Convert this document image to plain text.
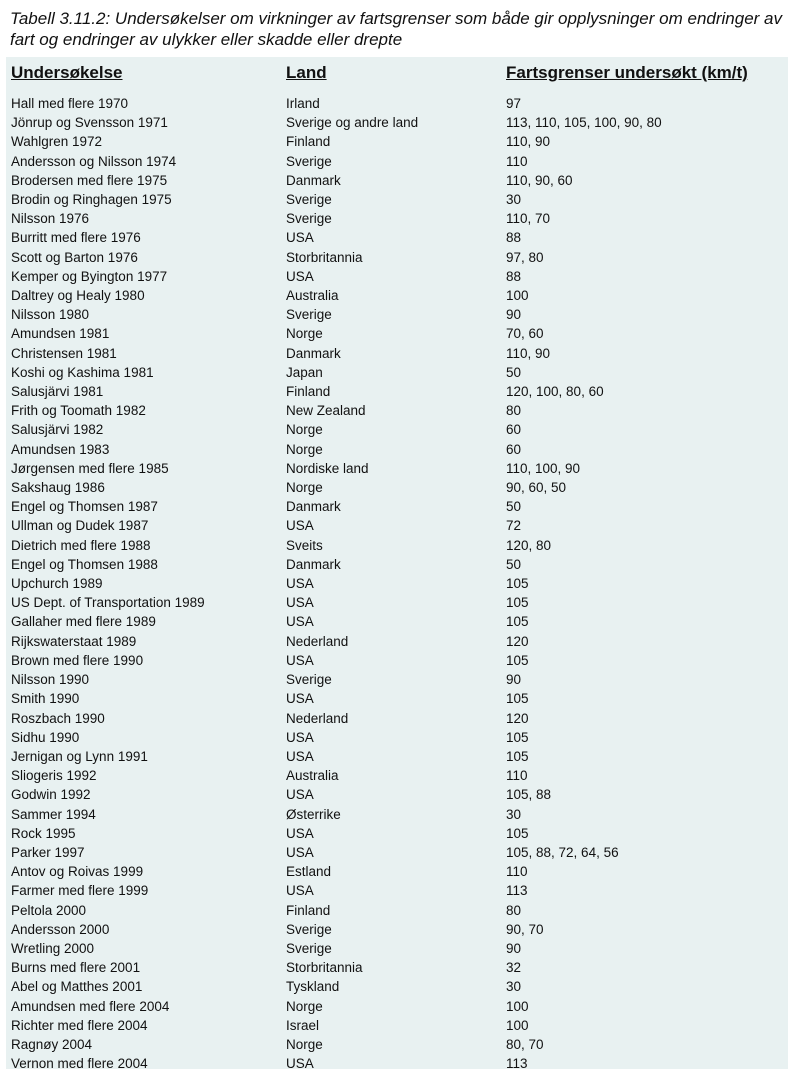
Tabell 3.11.2: Undersøkelser om virkninger av fartsgrenser som både gir opplysninger om endringer av fart og endringer av ulykker eller skadde eller drepte
Undersøkelse	Land	Fartsgrenser undersøkt (km/t)

Hall med flere 1970	Irland	97
Jönrup og Svensson 1971	Sverige og andre land	113, 110, 105, 100, 90, 80
Wahlgren 1972	Finland	110, 90
Andersson og Nilsson 1974	Sverige	110
Brodersen med flere 1975	Danmark	110, 90, 60
Brodin og Ringhagen 1975	Sverige	30
Nilsson 1976	Sverige	110, 70
Burritt med flere 1976	USA	88
Scott og Barton 1976	Storbritannia	97, 80
Kemper og Byington 1977	USA	88
Daltrey og Healy 1980	Australia	100
Nilsson 1980	Sverige	90
Amundsen 1981	Norge	70, 60
Christensen 1981	Danmark	110, 90
Koshi og Kashima 1981	Japan	50
Salusjärvi 1981	Finland	120, 100, 80, 60
Frith og Toomath 1982	New Zealand	80
Salusjärvi 1982	Norge	60
Amundsen 1983	Norge	60
Jørgensen med flere 1985	Nordiske land	110, 100, 90
Sakshaug 1986	Norge	90, 60, 50
Engel og Thomsen 1987	Danmark	50
Ullman og Dudek 1987	USA	72
Dietrich med flere 1988	Sveits	120, 80
Engel og Thomsen 1988	Danmark	50
Upchurch 1989	USA	105
US Dept. of Transportation 1989	USA	105
Gallaher med flere 1989	USA	105
Rijkswaterstaat 1989	Nederland	120
Brown med flere 1990	USA	105
Nilsson 1990	Sverige	90
Smith 1990	USA	105
Roszbach 1990	Nederland	120
Sidhu 1990	USA	105
Jernigan og Lynn 1991	USA	105
Sliogeris 1992	Australia	110
Godwin 1992	USA	105, 88
Sammer 1994	Østerrike	30
Rock 1995	USA	105
Parker 1997	USA	105, 88, 72, 64, 56
Antov og Roivas 1999	Estland	110
Farmer med flere 1999	USA	113
Peltola 2000	Finland	80
Andersson 2000	Sverige	90, 70
Wretling 2000	Sverige	90
Burns med flere 2001	Storbritannia	32
Abel og Matthes 2001	Tyskland	30
Amundsen med flere 2004	Norge	100
Richter med flere 2004	Israel	100
Ragnøy 2004	Norge	80, 70
Vernon med flere 2004	USA	113
